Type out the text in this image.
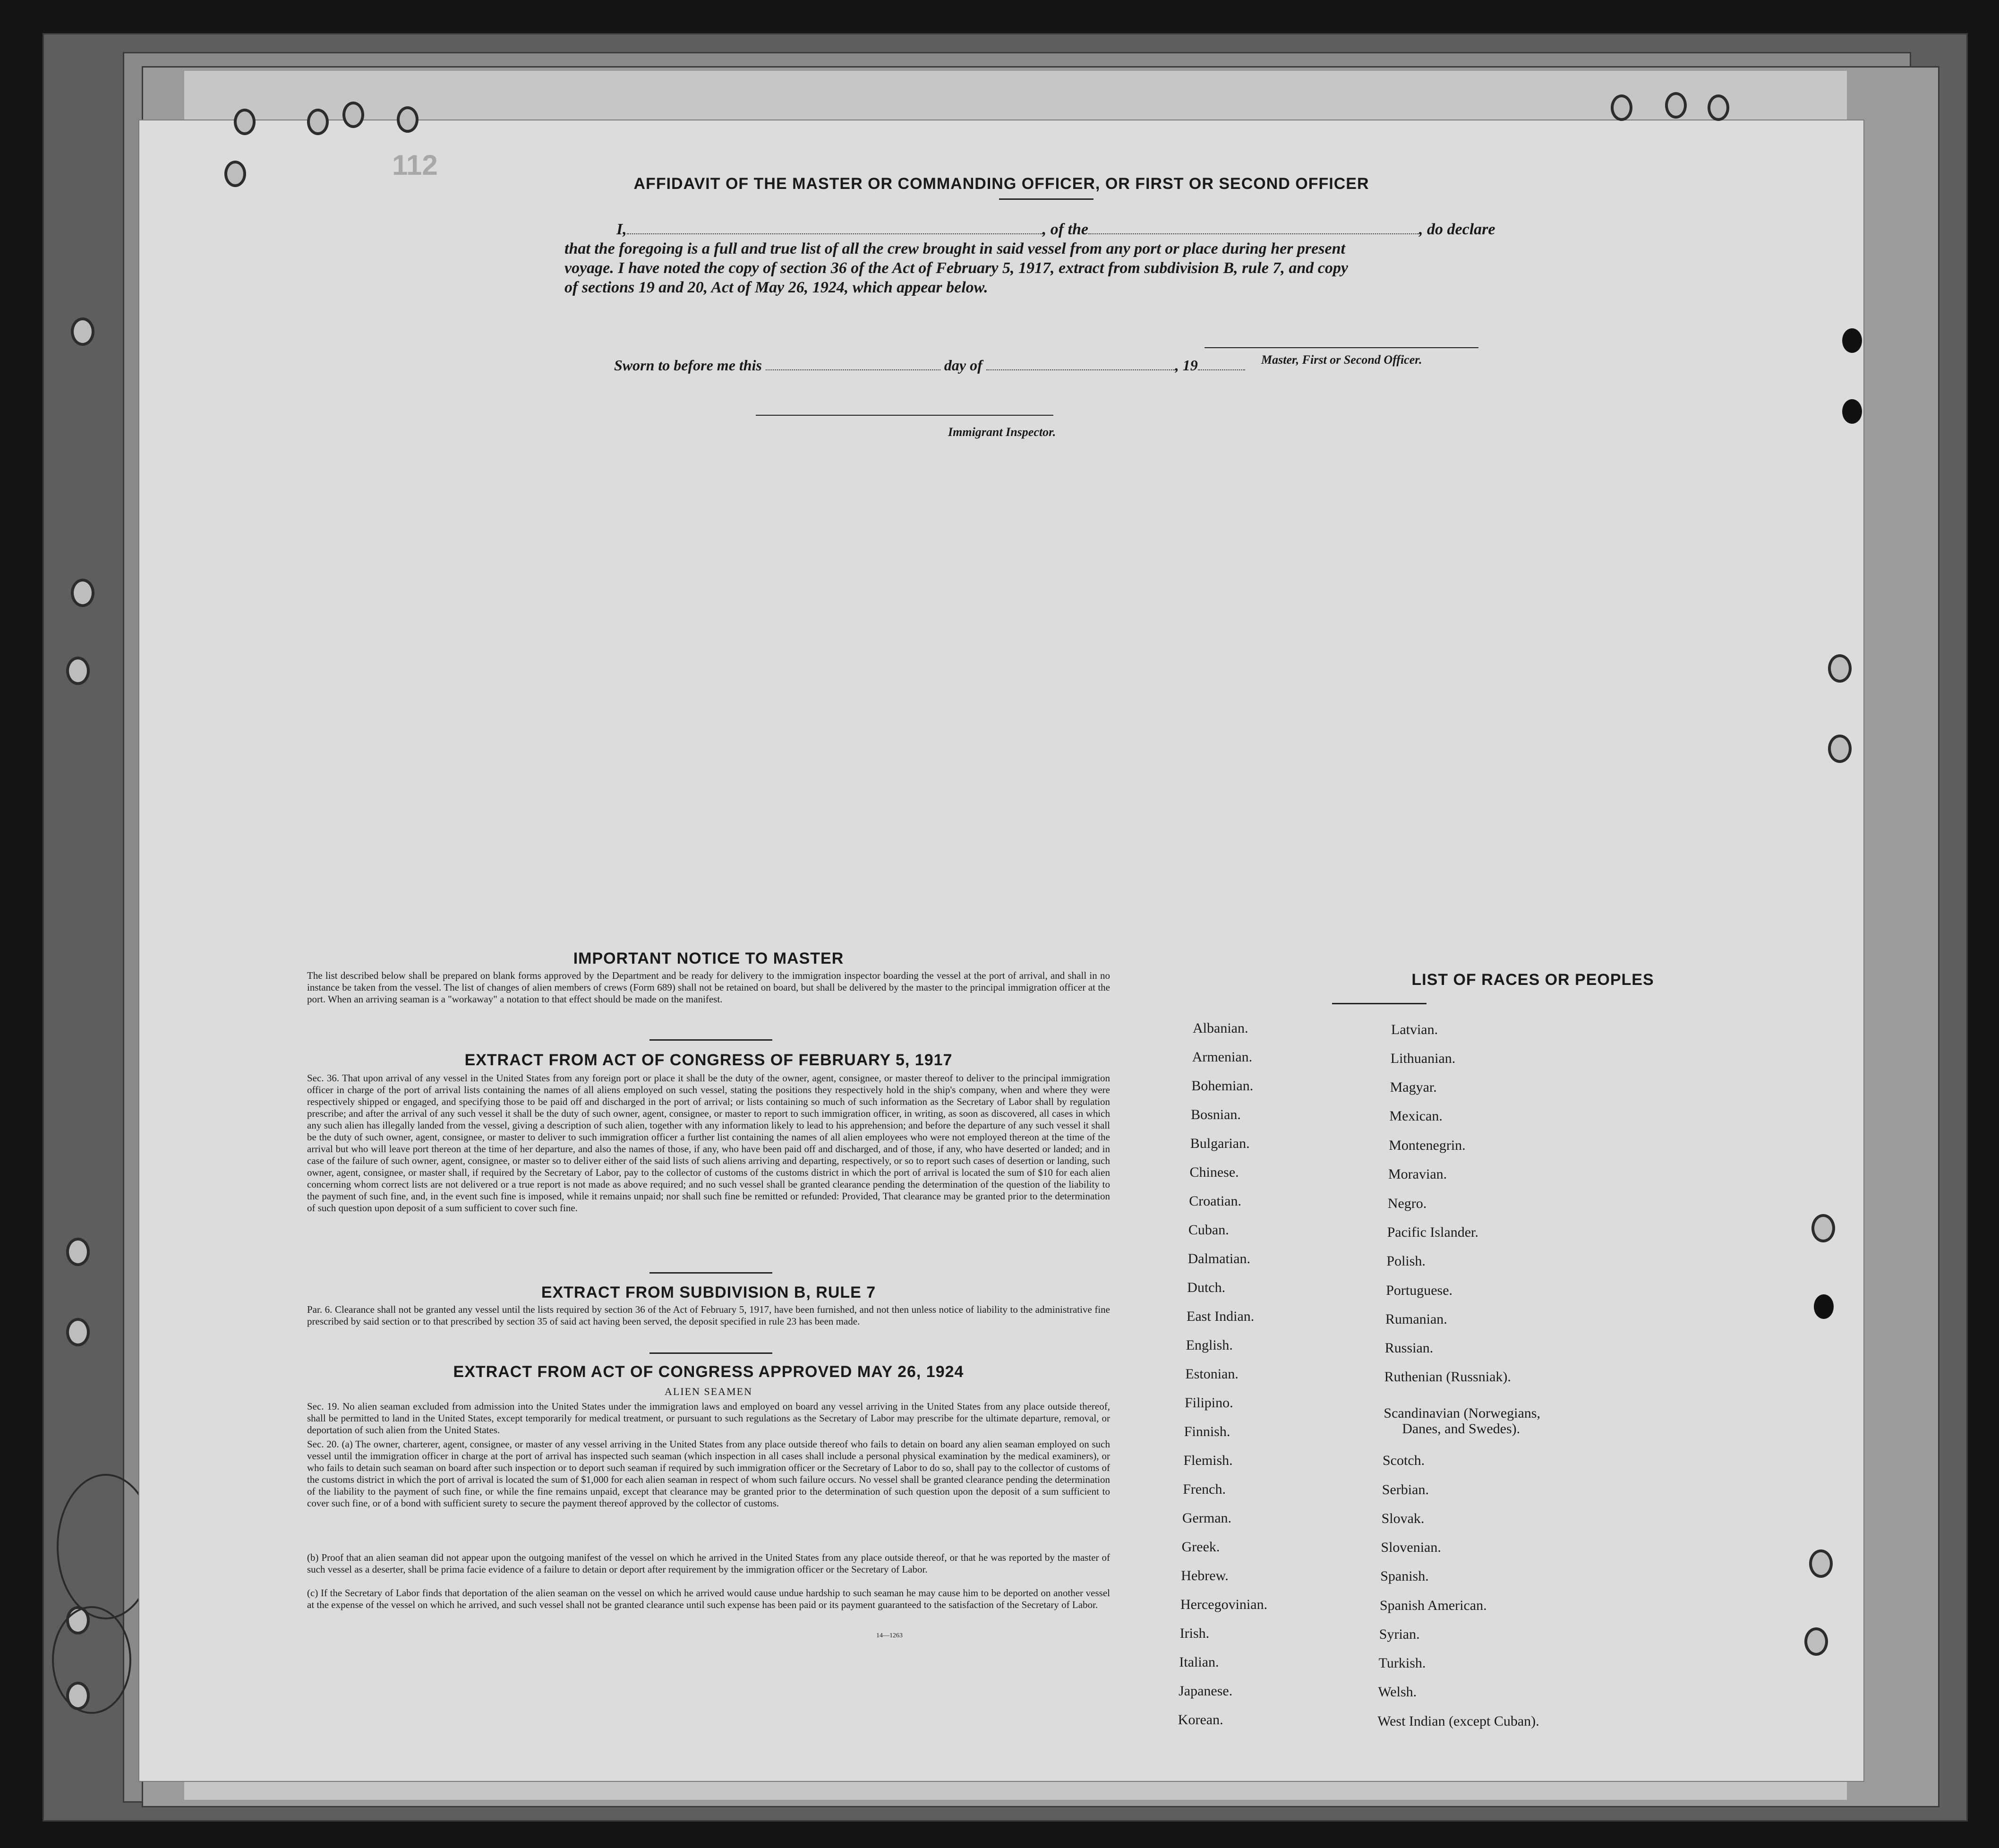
112
AFFIDAVIT OF THE MASTER OR COMMANDING OFFICER, OR FIRST OR SECOND OFFICER
I,	, of the	, do declare
that the foregoing is a full and true list of all the crew brought in said vessel from any port or place during her present
voyage. I have noted the copy of section 36 of the Act of February 5, 1917, extract from subdivision B, rule 7, and copy
of sections 19 and 20, Act of May 26, 1924, which appear below.
Master, First or Second Officer.
Sworn to before me this	day of	, 19
Immigrant Inspector.
IMPORTANT NOTICE TO MASTER
The list described below shall be prepared on blank forms approved by the Department and be ready for delivery to the immigration inspector boarding the vessel at the port of arrival, and shall in no instance be taken from the vessel. The list of changes of alien members of crews (Form 689) shall not be retained on board, but shall be delivered by the master to the principal immigration officer at the port. When an arriving seaman is a "workaway" a notation to that effect should be made on the manifest.
EXTRACT FROM ACT OF CONGRESS OF FEBRUARY 5, 1917
Sec. 36. That upon arrival of any vessel in the United States from any foreign port or place it shall be the duty of the owner, agent, consignee, or master thereof to deliver to the principal immigration officer in charge of the port of arrival lists containing the names of all aliens employed on such vessel, stating the positions they respectively hold in the ship's company, when and where they were respectively shipped or engaged, and specifying those to be paid off and discharged in the port of arrival; or lists containing so much of such information as the Secretary of Labor shall by regulation prescribe; and after the arrival of any such vessel it shall be the duty of such owner, agent, consignee, or master to report to such immigration officer, in writing, as soon as discovered, all cases in which any such alien has illegally landed from the vessel, giving a description of such alien, together with any information likely to lead to his apprehension; and before the departure of any such vessel it shall be the duty of such owner, agent, consignee, or master to deliver to such immigration officer a further list containing the names of all alien employees who were not employed thereon at the time of the arrival but who will leave port thereon at the time of her departure, and also the names of those, if any, who have been paid off and discharged, and of those, if any, who have deserted or landed; and in case of the failure of such owner, agent, consignee, or master so to deliver either of the said lists of such aliens arriving and departing, respectively, or so to report such cases of desertion or landing, such owner, agent, consignee, or master shall, if required by the Secretary of Labor, pay to the collector of customs of the customs district in which the port of arrival is located the sum of $10 for each alien concerning whom correct lists are not delivered or a true report is not made as above required; and no such vessel shall be granted clearance pending the determination of the question of the liability to the payment of such fine, and, in the event such fine is imposed, while it remains unpaid; nor shall such fine be remitted or refunded: Provided, That clearance may be granted prior to the determination of such question upon deposit of a sum sufficient to cover such fine.
EXTRACT FROM SUBDIVISION B, RULE 7
Par. 6. Clearance shall not be granted any vessel until the lists required by section 36 of the Act of February 5, 1917, have been furnished, and not then unless notice of liability to the administrative fine prescribed by said section or to that prescribed by section 35 of said act having been served, the deposit specified in rule 23 has been made.
EXTRACT FROM ACT OF CONGRESS APPROVED MAY 26, 1924
ALIEN SEAMEN
Sec. 19. No alien seaman excluded from admission into the United States under the immigration laws and employed on board any vessel arriving in the United States from any place outside thereof, shall be permitted to land in the United States, except temporarily for medical treatment, or pursuant to such regulations as the Secretary of Labor may prescribe for the ultimate departure, removal, or deportation of such alien from the United States.
Sec. 20. (a) The owner, charterer, agent, consignee, or master of any vessel arriving in the United States from any place outside thereof who fails to detain on board any alien seaman employed on such vessel until the immigration officer in charge at the port of arrival has inspected such seaman (which inspection in all cases shall include a personal physical examination by the medical examiners), or who fails to detain such seaman on board after such inspection or to deport such seaman if required by such immigration officer or the Secretary of Labor to do so, shall pay to the collector of customs of the customs district in which the port of arrival is located the sum of $1,000 for each alien seaman in respect of whom such failure occurs. No vessel shall be granted clearance pending the determination of the liability to the payment of such fine, or while the fine remains unpaid, except that clearance may be granted prior to the determination of such question upon the deposit of a sum sufficient to cover such fine, or of a bond with sufficient surety to secure the payment thereof approved by the collector of customs.
(b) Proof that an alien seaman did not appear upon the outgoing manifest of the vessel on which he arrived in the United States from any place outside thereof, or that he was reported by the master of such vessel as a deserter, shall be prima facie evidence of a failure to detain or deport after requirement by the immigration officer or the Secretary of Labor.
(c) If the Secretary of Labor finds that deportation of the alien seaman on the vessel on which he arrived would cause undue hardship to such seaman he may cause him to be deported on another vessel at the expense of the vessel on which he arrived, and such vessel shall not be granted clearance until such expense has been paid or its payment guaranteed to the satisfaction of the Secretary of Labor.
14—1263
LIST OF RACES OR PEOPLES
Albanian.
Armenian.
Bohemian.
Bosnian.
Bulgarian.
Chinese.
Croatian.
Cuban.
Dalmatian.
Dutch.
East Indian.
English.
Estonian.
Filipino.
Finnish.
Flemish.
French.
German.
Greek.
Hebrew.
Hercegovinian.
Irish.
Italian.
Japanese.
Korean.
Latvian.
Lithuanian.
Magyar.
Mexican.
Montenegrin.
Moravian.
Negro.
Pacific Islander.
Polish.
Portuguese.
Rumanian.
Russian.
Ruthenian (Russniak).
Scandinavian (Norwegians,
Danes, and Swedes).
Scotch.
Serbian.
Slovak.
Slovenian.
Spanish.
Spanish American.
Syrian.
Turkish.
Welsh.
West Indian (except Cuban).
